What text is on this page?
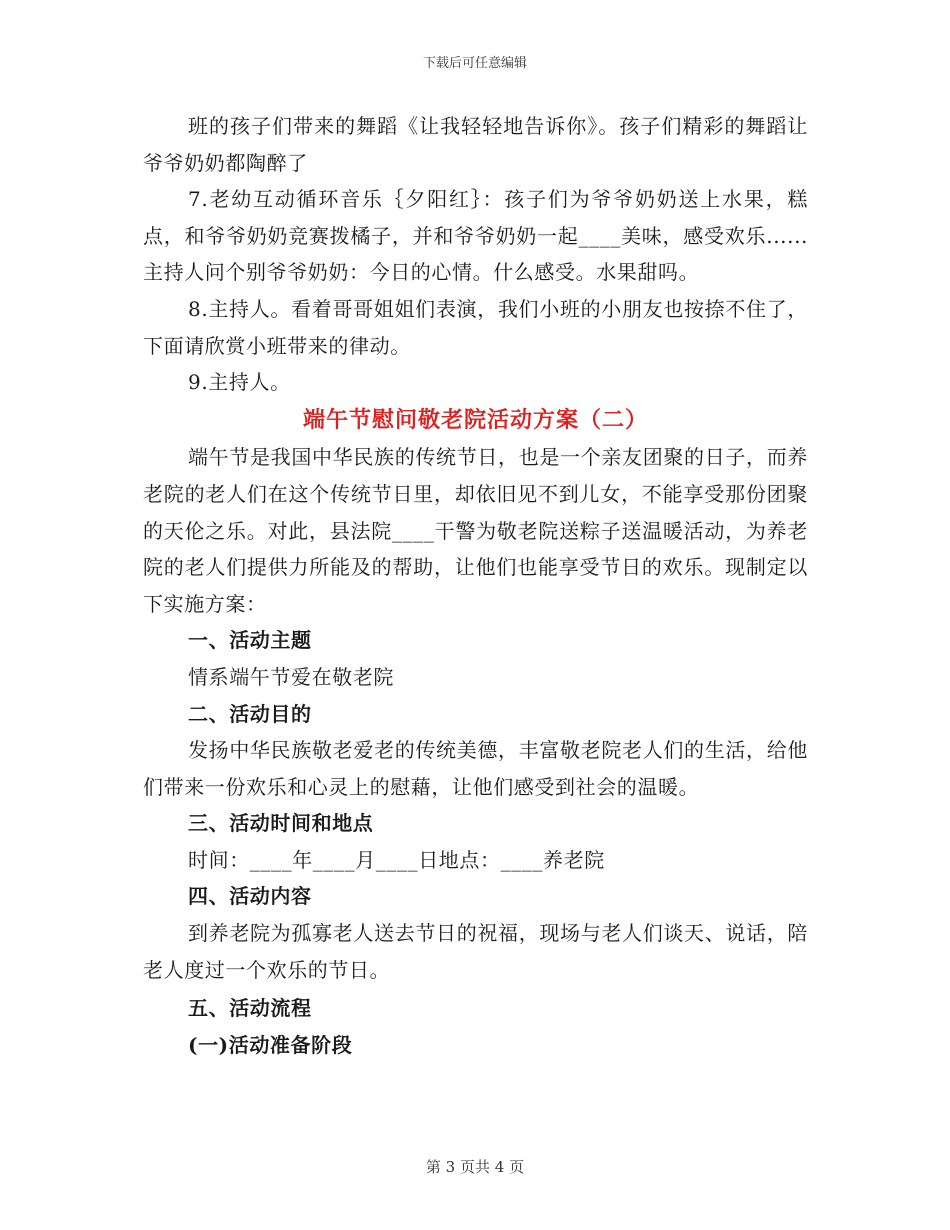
下载后可任意编辑

班的孩子们带来的舞蹈《让我轻轻地告诉你》。孩子们精彩的舞蹈让爷爷奶奶都陶醉了

7.老幼互动循环音乐｛夕阳红｝：孩子们为爷爷奶奶送上水果，糕点，和爷爷奶奶竞赛拨橘子，并和爷爷奶奶一起____美味，感受欢乐......主持人问个别爷爷奶奶：今日的心情。什么感受。水果甜吗。

8.主持人。看着哥哥姐姐们表演，我们小班的小朋友也按捺不住了，下面请欣赏小班带来的律动。

9.主持人。

端午节慰问敬老院活动方案（二）

端午节是我国中华民族的传统节日，也是一个亲友团聚的日子，而养老院的老人们在这个传统节日里，却依旧见不到儿女，不能享受那份团聚的天伦之乐。对此，县法院____干警为敬老院送粽子送温暖活动，为养老院的老人们提供力所能及的帮助，让他们也能享受节日的欢乐。现制定以下实施方案：

一、活动主题

情系端午节爱在敬老院

二、活动目的

发扬中华民族敬老爱老的传统美德，丰富敬老院老人们的生活，给他们带来一份欢乐和心灵上的慰藉，让他们感受到社会的温暖。

三、活动时间和地点

时间：____年____月____日地点：____养老院

四、活动内容

到养老院为孤寡老人送去节日的祝福，现场与老人们谈天、说话，陪老人度过一个欢乐的节日。

五、活动流程

(一)活动准备阶段

第 3 页共 4 页
